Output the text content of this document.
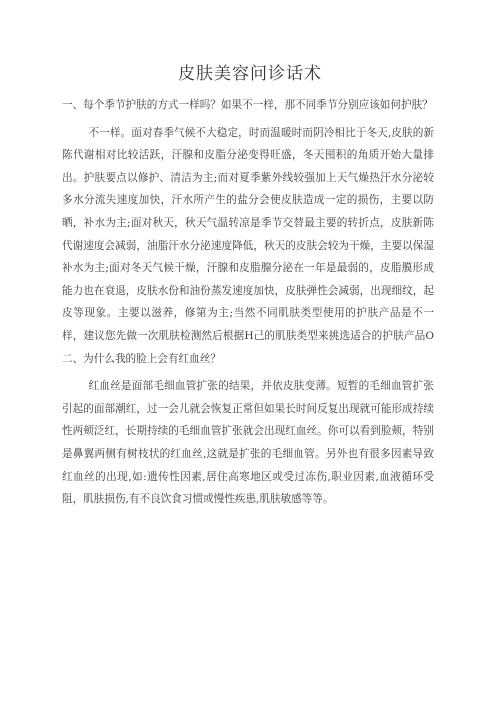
皮肤美容问诊话术

一、每个季节护肤的方式一样吗？如果不一样，那不同季节分别应该如何护肤？

不一样。面对春季气候不大稳定，时而温暖时而阴冷相比于冬天,皮肤的新陈代谢相对比较活跃，汗腺和皮脂分泌变得旺盛，冬天囤积的角质开始大量排出。护肤要点以修护、清洁为主;而对夏季紫外线较强加上天气燥热汗水分泌较多水分流失速度加快，汗水所产生的盐分会使皮肤造成一定的损伤，主要以防晒，补水为主;面对秋天，秋天气温转凉是季节交替最主要的转折点，皮肤新陈代谢速度会减弱，油脂汗水分泌速度降低，秋天的皮肤会较为干燥，主要以保湿补水为主;面对冬天气候干燥，汗腺和皮脂腺分泌在一年是最弱的，皮脂膜形成能力也在衰退，皮肤水份和油份蒸发速度加快，皮肤弹性会减弱，出现细纹，起皮等现象。主要以滋养，修第为主;当然不同肌肤类型使用的护肤产品是不一样，建议您先做一次肌肤检测然后根据H己的肌肤类型来挑选适合的护肤产品O二、为什么我的脸上会有红血丝？

红血丝是面部毛细血管扩张的结果，并依皮肤变薄。短暂的毛细血管扩张引起的面部潮红，过一会儿就会恢复正常但如果长时间反复出现就可能形成持续性两颊泛红，长期持续的毛细血管扩张就会出现红血丝。你可以看到脸颊，特别是鼻翼两侧有树枝状的红血丝,这就是扩张的毛细血管。另外也有很多因素导致红血丝的出现,如:遗传性因素,居住高寒地区或受过冻伤,职业因素,血液循环受阻，肌肤损伤,有不良饮食习惯或慢性疾患,肌肤敏感等等。
